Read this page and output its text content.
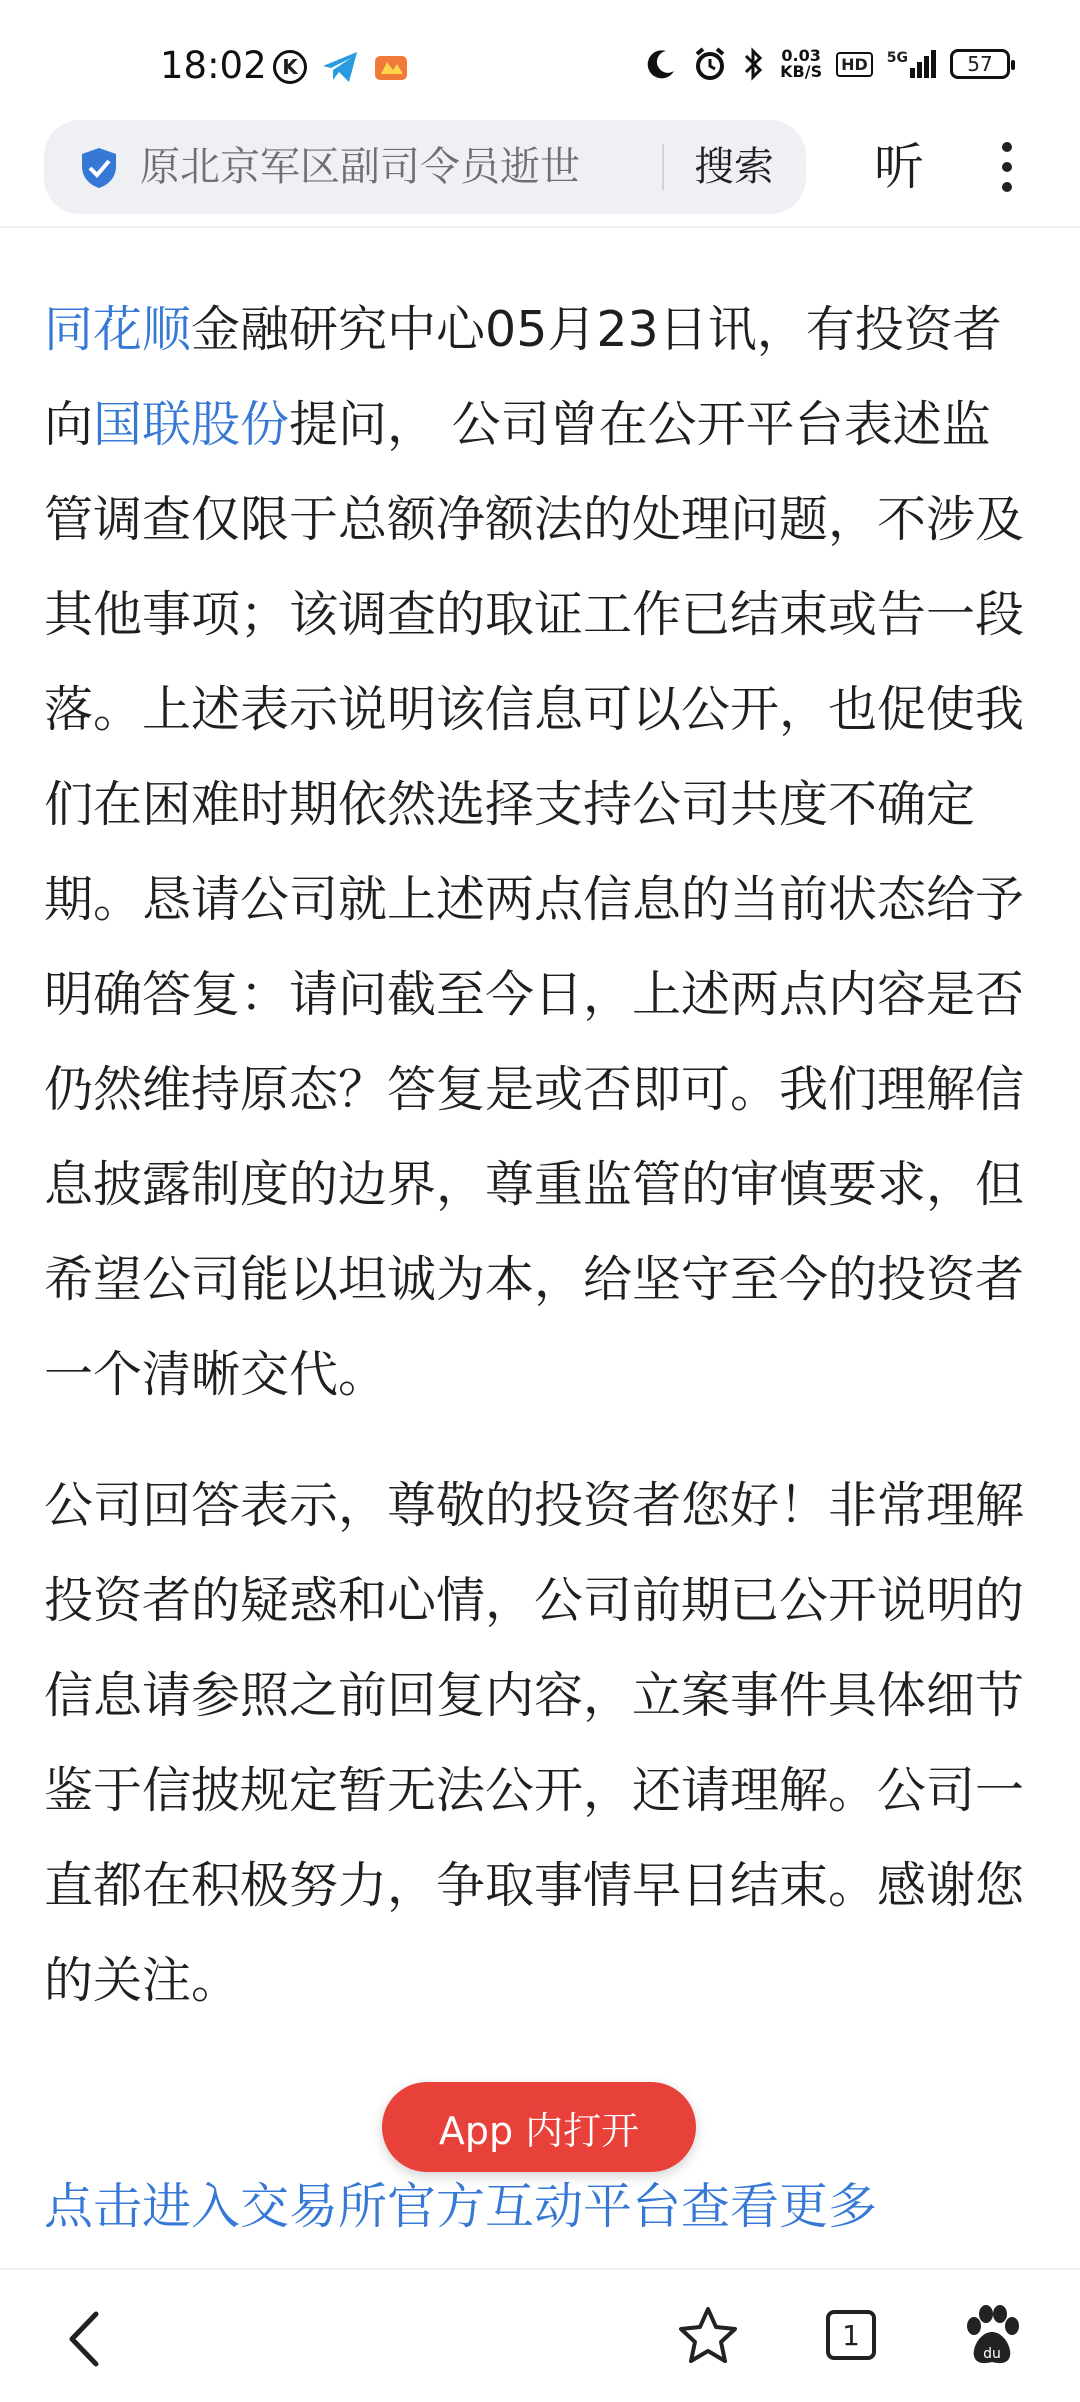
18:02 K	0.03
KB/S	HD	5G	57
原北京军区副司令员逝世	搜索 听

同花顺金融研究中心05月23日讯，有投资者向国联股份提问， 公司曾在公开平台表述监管调查仅限于总额净额法的处理问题，不涉及其他事项；该调查的取证工作已结束或告一段落。上述表示说明该信息可以公开，也促使我们在困难时期依然选择支持公司共度不确定期。恳请公司就上述两点信息的当前状态给予明确答复：请问截至今日，上述两点内容是否仍然维持原态？答复是或否即可。我们理解信息披露制度的边界，尊重监管的审慎要求，但希望公司能以坦诚为本，给坚守至今的投资者一个清晰交代。

公司回答表示，尊敬的投资者您好！非常理解投资者的疑惑和心情，公司前期已公开说明的信息请参照之前回复内容，立案事件具体细节鉴于信披规定暂无法公开，还请理解。公司一直都在积极努力，争取事情早日结束。感谢您的关注。

点击进入交易所官方互动平台查看更多
App 内打开
1
du
